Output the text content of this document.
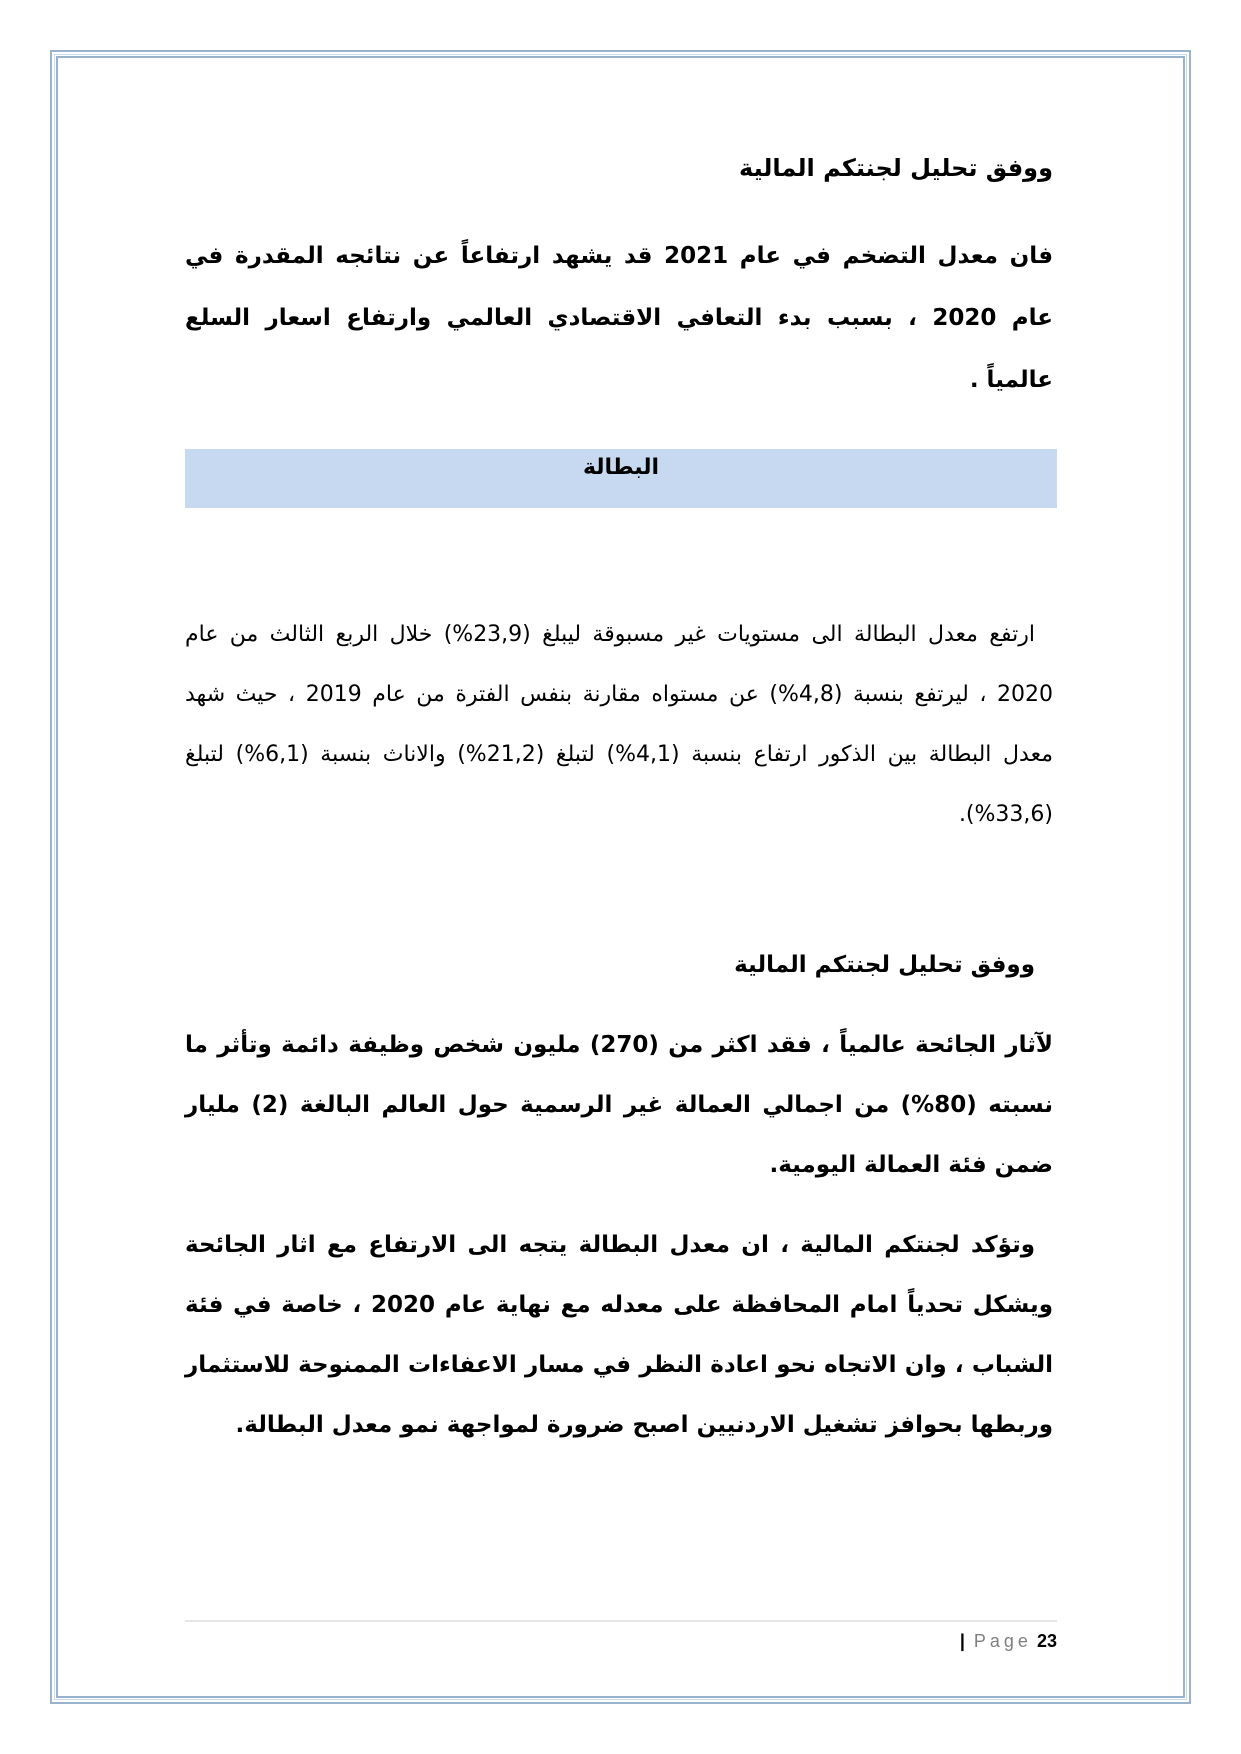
ووفق تحليل لجنتكم المالية
فان معدل التضخم في عام 2021 قد يشهد ارتفاعاً عن نتائجه المقدرة في عام 2020 ، بسبب بدء التعافي الاقتصادي العالمي وارتفاع اسعار السلع عالمياً .
البطالة
ارتفع معدل البطالة الى مستويات غير مسبوقة ليبلغ (23,9%) خلال الربع الثالث من عام 2020 ، ليرتفع بنسبة (4,8%) عن مستواه مقارنة بنفس الفترة من عام 2019 ، حيث شهد معدل البطالة بين الذكور ارتفاع بنسبة (4,1%) لتبلغ (21,2%) والاناث بنسبة (6,1%) لتبلغ (33,6%).
ووفق تحليل لجنتكم المالية
لآثار الجائحة عالمياً ، فقد اكثر من (270) مليون شخص وظيفة دائمة وتأثر ما نسبته (80%) من اجمالي العمالة غير الرسمية حول العالم البالغة (2) مليار ضمن فئة العمالة اليومية.
وتؤكد لجنتكم المالية ، ان معدل البطالة يتجه الى الارتفاع مع اثار الجائحة ويشكل تحدياً امام المحافظة على معدله مع نهاية عام 2020 ، خاصة في فئة الشباب ، وان الاتجاه نحو اعادة النظر في مسار الاعفاءات الممنوحة للاستثمار وربطها بحوافز تشغيل الاردنيين اصبح ضرورة لمواجهة نمو معدل البطالة.
| Page 23
